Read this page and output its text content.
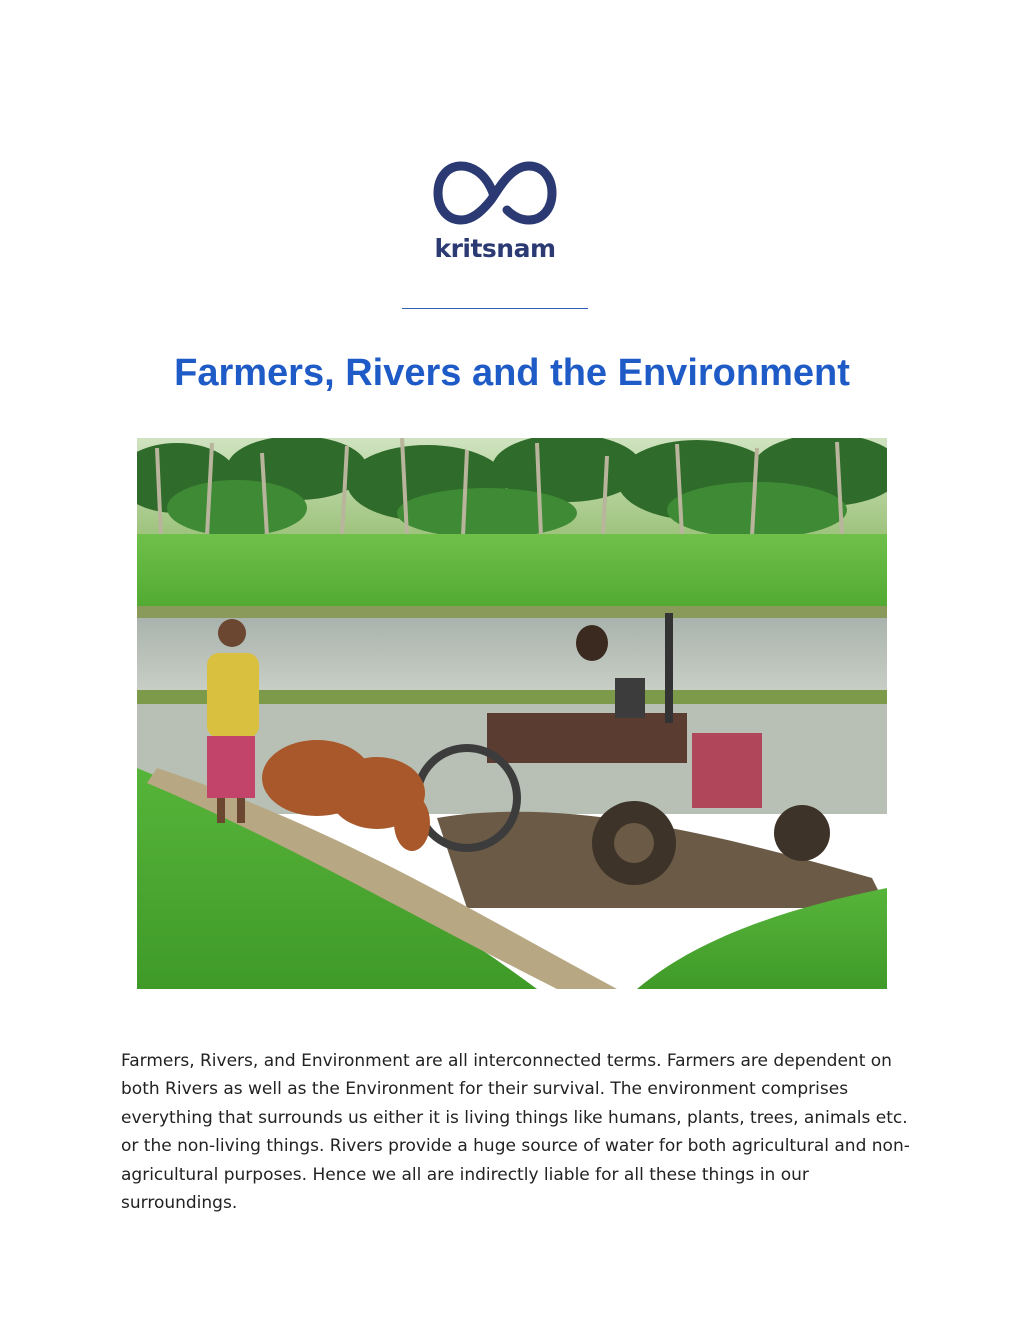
kritsnam
Farmers, Rivers and the Environment

Farmers, Rivers, and Environment are all interconnected terms. Farmers are dependent on both Rivers as well as the Environment for their survival. The environment comprises everything that surrounds us either it is living things like humans, plants, trees, animals etc. or the non-living things. Rivers provide a huge source of water for both agricultural and non-agricultural purposes. Hence we all are indirectly liable for all these things in our surroundings.
